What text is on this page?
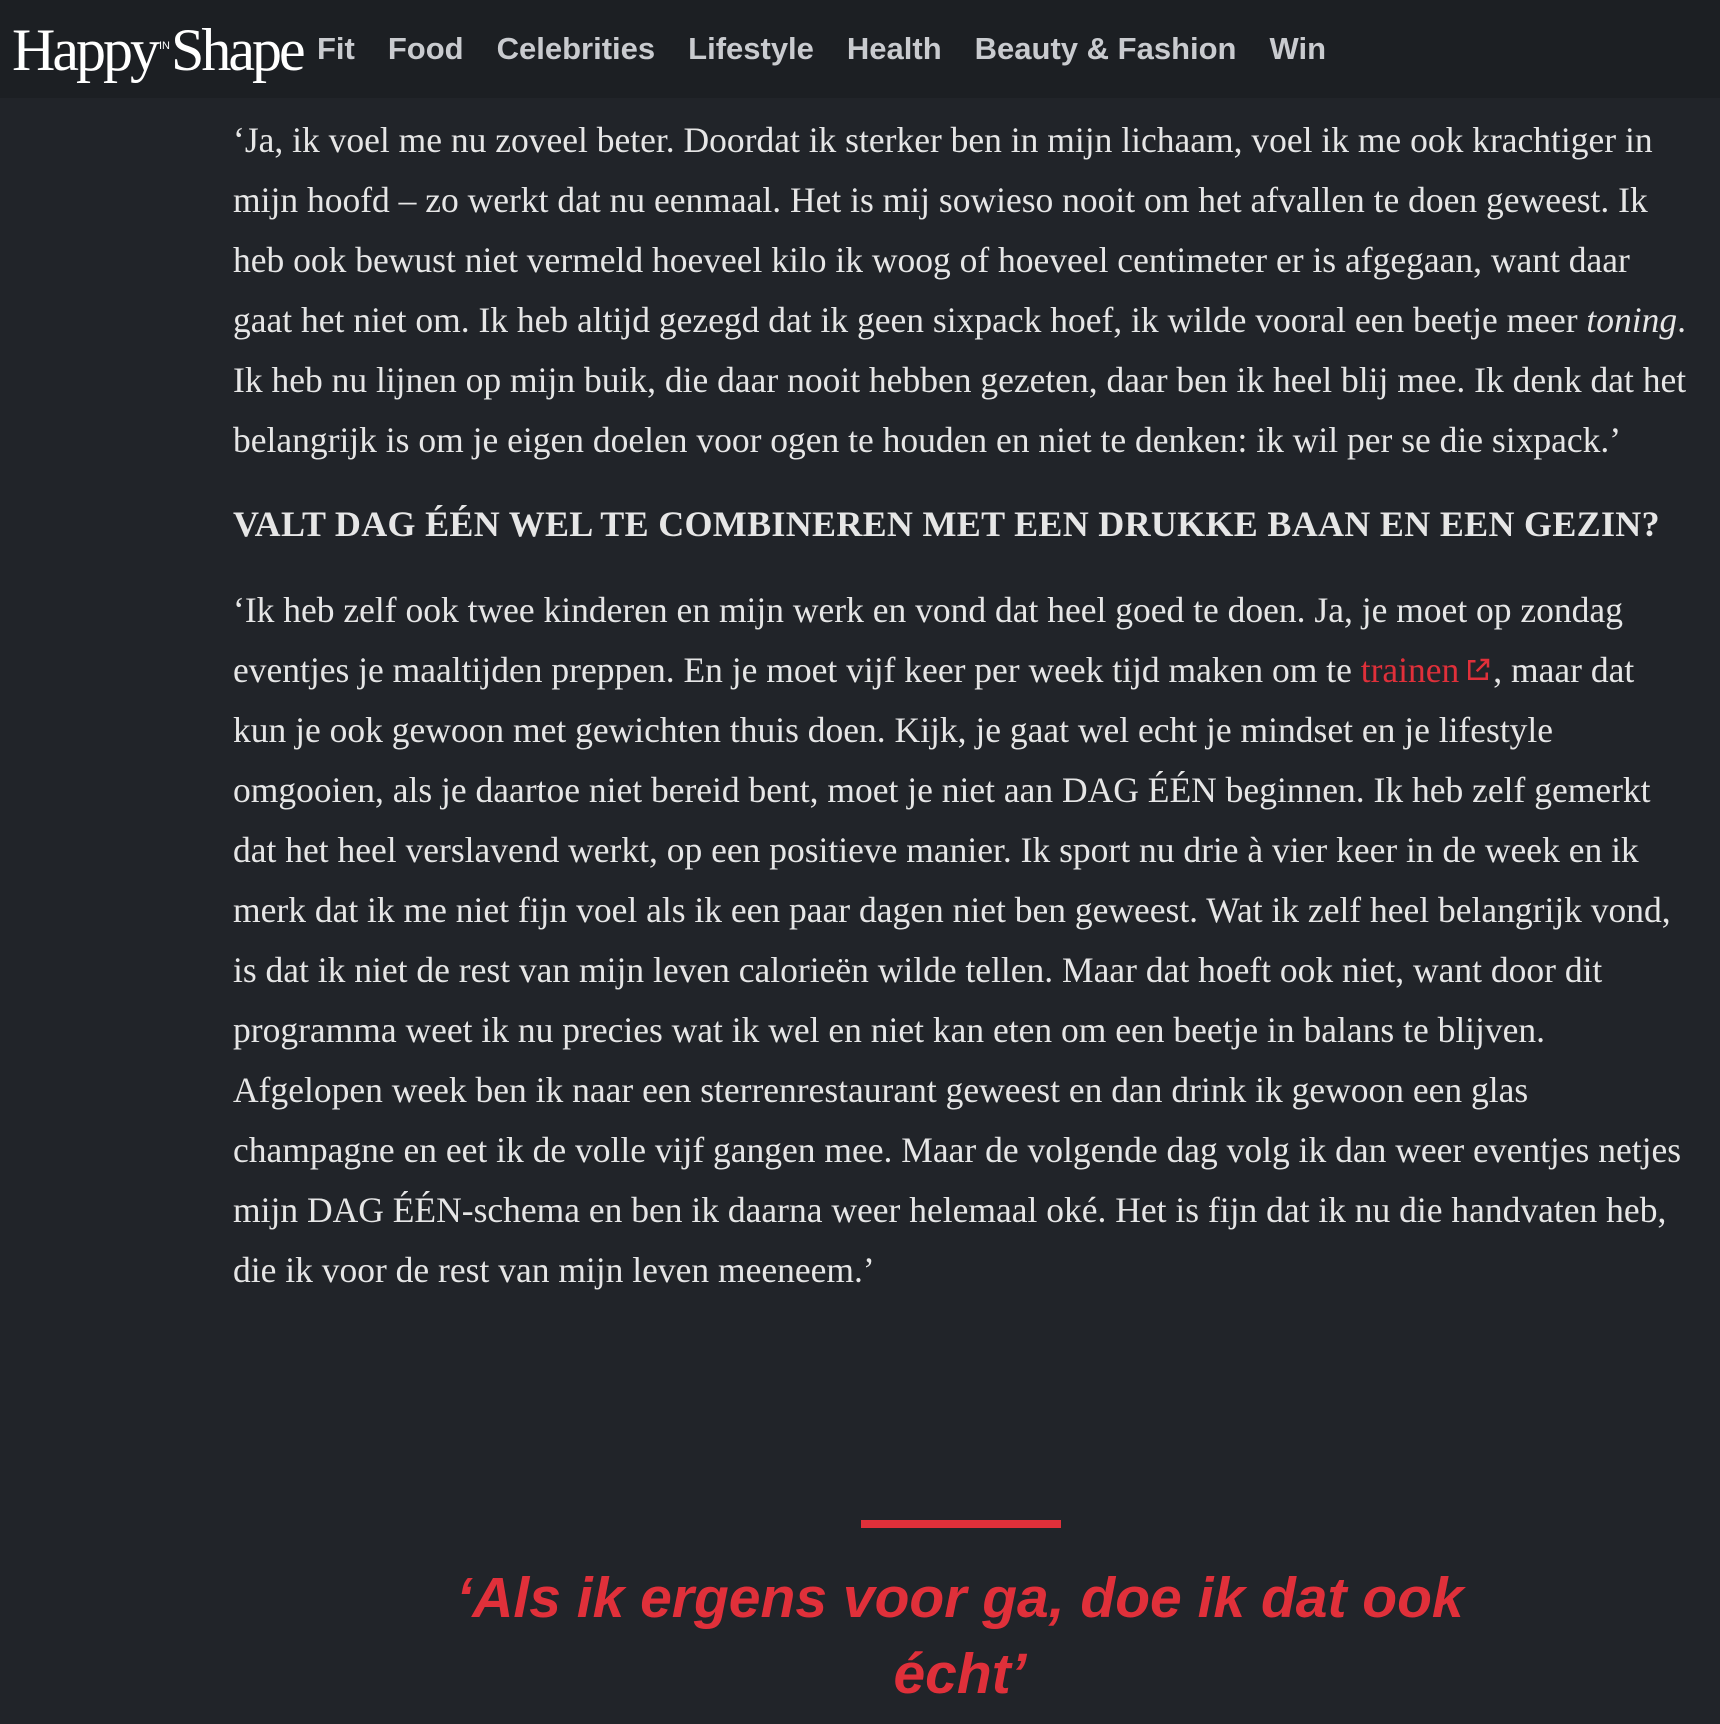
Happy IN Shape Fit Food Celebrities Lifestyle Health Beauty & Fashion Win

‘Ja, ik voel me nu zoveel beter. Doordat ik sterker ben in mijn lichaam, voel ik me ook krachtiger in mijn hoofd – zo werkt dat nu eenmaal. Het is mij sowieso nooit om het afvallen te doen geweest. Ik heb ook bewust niet vermeld hoeveel kilo ik woog of hoeveel centimeter er is afgegaan, want daar gaat het niet om. Ik heb altijd gezegd dat ik geen sixpack hoef, ik wilde vooral een beetje meer toning. Ik heb nu lijnen op mijn buik, die daar nooit hebben gezeten, daar ben ik heel blij mee. Ik denk dat het belangrijk is om je eigen doelen voor ogen te houden en niet te denken: ik wil per se die sixpack.’

VALT DAG ÉÉN WEL TE COMBINEREN MET EEN DRUKKE BAAN EN EEN GEZIN?

‘Ik heb zelf ook twee kinderen en mijn werk en vond dat heel goed te doen. Ja, je moet op zondag eventjes je maaltijden preppen. En je moet vijf keer per week tijd maken om te trainen , maar dat kun je ook gewoon met gewichten thuis doen. Kijk, je gaat wel echt je mindset en je lifestyle omgooien, als je daartoe niet bereid bent, moet je niet aan DAG ÉÉN beginnen. Ik heb zelf gemerkt dat het heel verslavend werkt, op een positieve manier. Ik sport nu drie à vier keer in de week en ik merk dat ik me niet fijn voel als ik een paar dagen niet ben geweest. Wat ik zelf heel belangrijk vond, is dat ik niet de rest van mijn leven calorieën wilde tellen. Maar dat hoeft ook niet, want door dit programma weet ik nu precies wat ik wel en niet kan eten om een beetje in balans te blijven. Afgelopen week ben ik naar een sterrenrestaurant geweest en dan drink ik gewoon een glas champagne en eet ik de volle vijf gangen mee. Maar de volgende dag volg ik dan weer eventjes netjes mijn DAG ÉÉN-schema en ben ik daarna weer helemaal oké. Het is fijn dat ik nu die handvaten heb, die ik voor de rest van mijn leven meeneem.’

‘Als ik ergens voor ga, doe ik dat ook écht’
